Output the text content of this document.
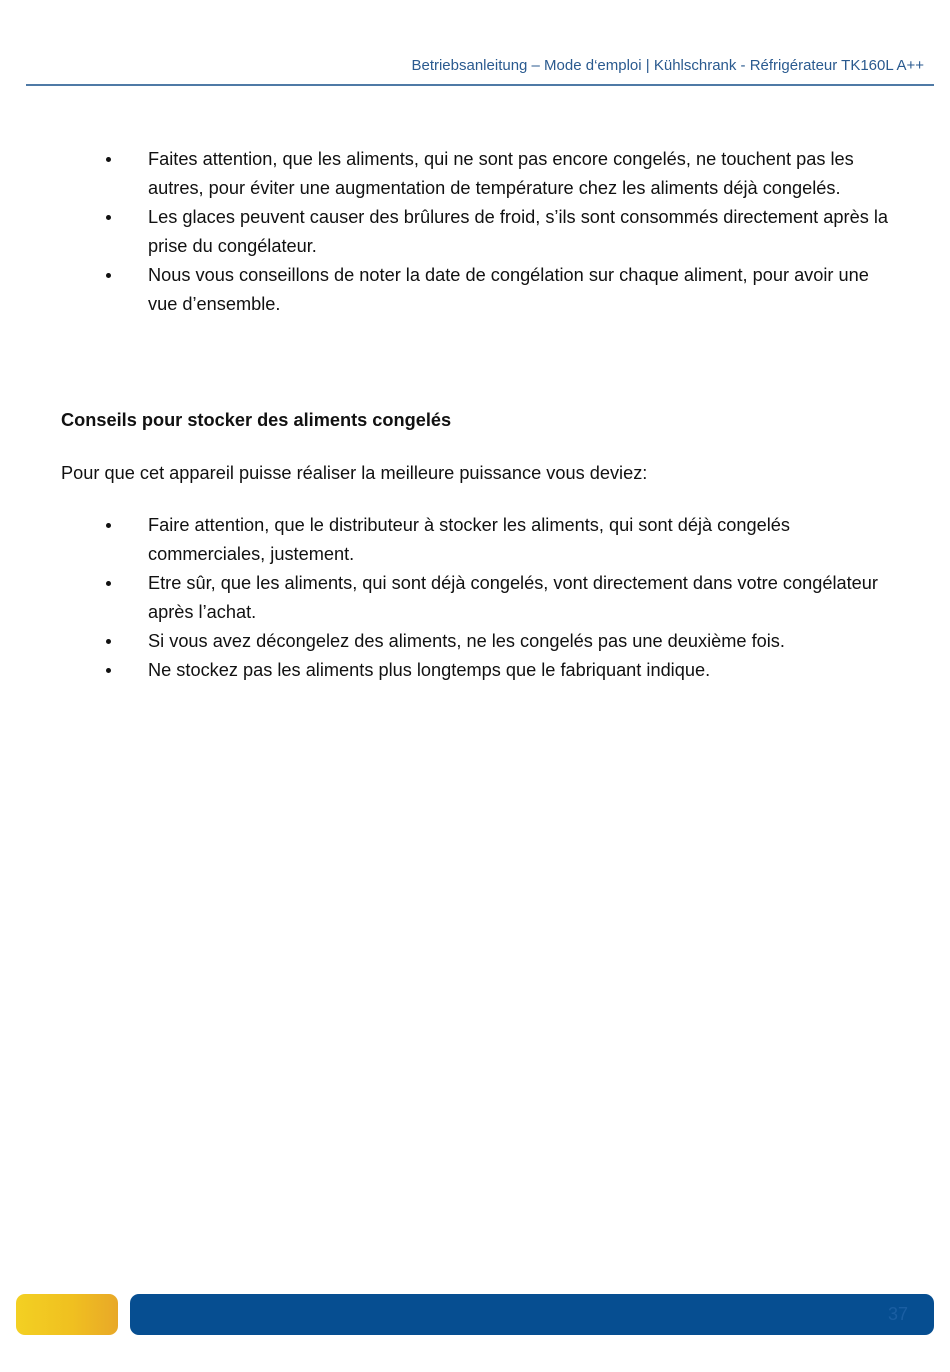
Betriebsanleitung – Mode d‘emploi | Kühlschrank - Réfrigérateur TK160L A++
Faites attention, que les aliments, qui ne sont pas encore congelés, ne touchent pas les autres, pour éviter une augmentation de température chez les aliments déjà congelés.
Les glaces peuvent causer des brûlures de froid, s’ils sont consommés directement après la prise du congélateur.
Nous vous conseillons de noter la date de congélation sur chaque aliment, pour avoir une vue d’ensemble.
Conseils pour stocker des aliments congelés
Pour que cet appareil puisse réaliser la meilleure puissance vous deviez:
Faire attention, que le distributeur à stocker les aliments, qui sont déjà congelés commerciales, justement.
Etre sûr, que les aliments, qui sont déjà congelés, vont directement dans votre congélateur après l’achat.
Si vous avez décongelez des aliments, ne les congelés pas une deuxième fois.
Ne stockez pas les aliments plus longtemps que le fabriquant indique.
37
